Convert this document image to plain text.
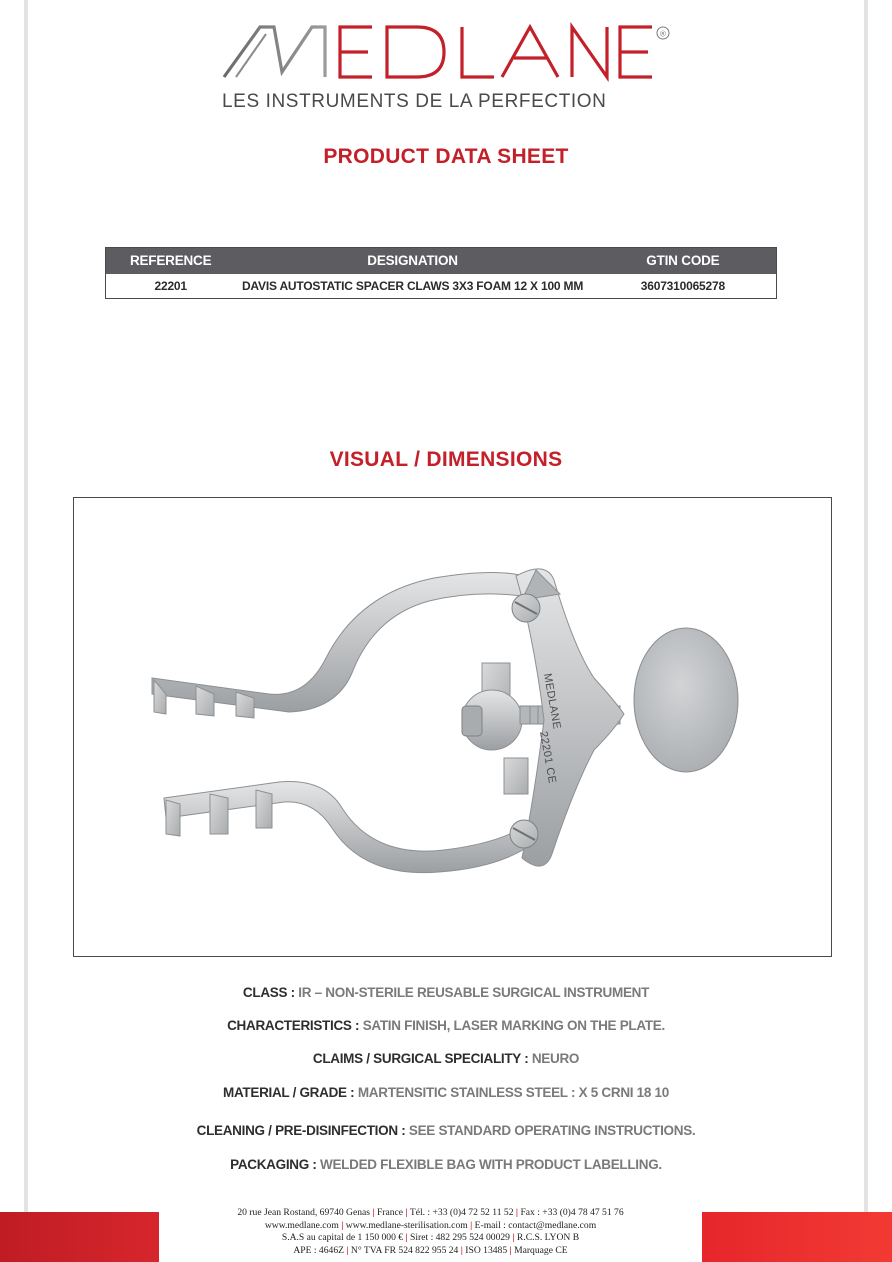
®
LES INSTRUMENTS DE LA PERFECTION
PRODUCT DATA SHEET
REFERENCE	DESIGNATION	GTIN CODE
22201	DAVIS AUTOSTATIC SPACER CLAWS 3X3 FOAM 12 X 100 MM	3607310065278
VISUAL / DIMENSIONS
MEDLANE
22201 CE
CLASS : IR – NON-STERILE REUSABLE SURGICAL INSTRUMENT
CHARACTERISTICS : SATIN FINISH, LASER MARKING ON THE PLATE.
CLAIMS / SURGICAL SPECIALITY : NEURO
MATERIAL / GRADE : MARTENSITIC STAINLESS STEEL : X 5 CRNI 18 10
CLEANING / PRE-DISINFECTION : SEE STANDARD OPERATING INSTRUCTIONS.
PACKAGING : WELDED FLEXIBLE BAG WITH PRODUCT LABELLING.
20 rue Jean Rostand, 69740 Genas | France | Tél. : +33 (0)4 72 52 11 52 | Fax : +33 (0)4 78 47 51 76
www.medlane.com | www.medlane-sterilisation.com | E-mail : contact@medlane.com
S.A.S au capital de 1 150 000 € | Siret : 482 295 524 00029 | R.C.S. LYON B
APE : 4646Z | N° TVA FR 524 822 955 24 | ISO 13485 | Marquage CE
